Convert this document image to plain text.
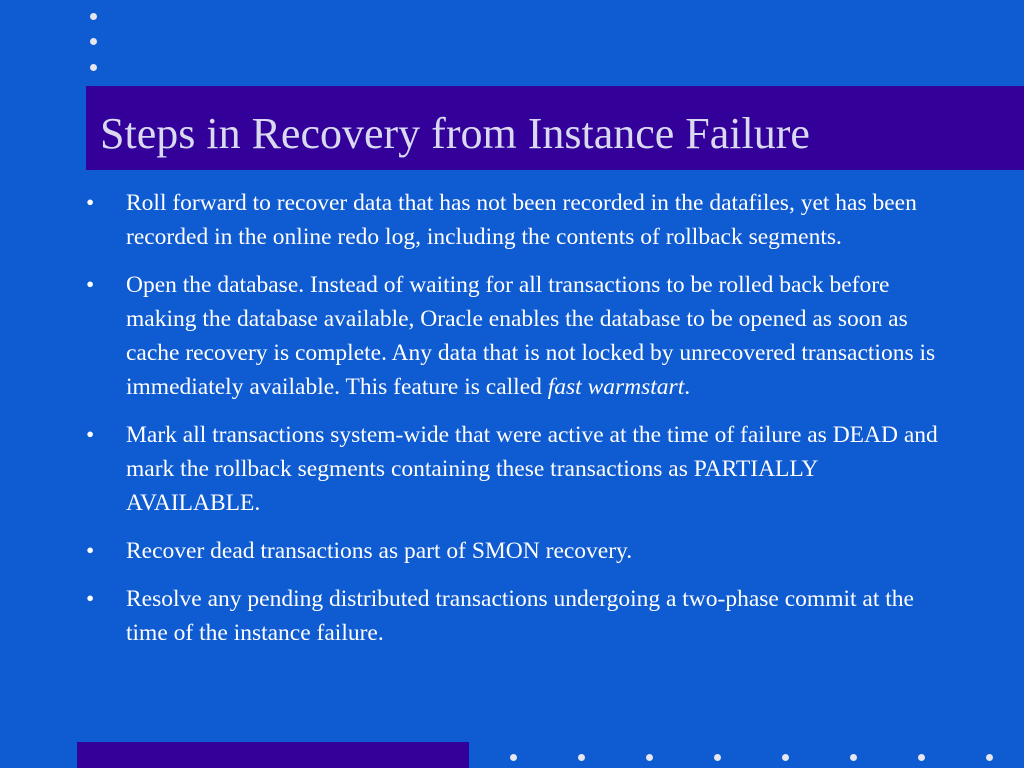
Steps in Recovery from Instance Failure
• Roll forward to recover data that has not been recorded in the datafiles, yet has been recorded in the online redo log, including the contents of rollback segments.
• Open the database. Instead of waiting for all transactions to be rolled back before making the database available, Oracle enables the database to be opened as soon as cache recovery is complete. Any data that is not locked by unrecovered transactions is immediately available. This feature is called fast warmstart.
• Mark all transactions system-wide that were active at the time of failure as DEAD and mark the rollback segments containing these transactions as PARTIALLY AVAILABLE.
• Recover dead transactions as part of SMON recovery.
• Resolve any pending distributed transactions undergoing a two-phase commit at the time of the instance failure.
